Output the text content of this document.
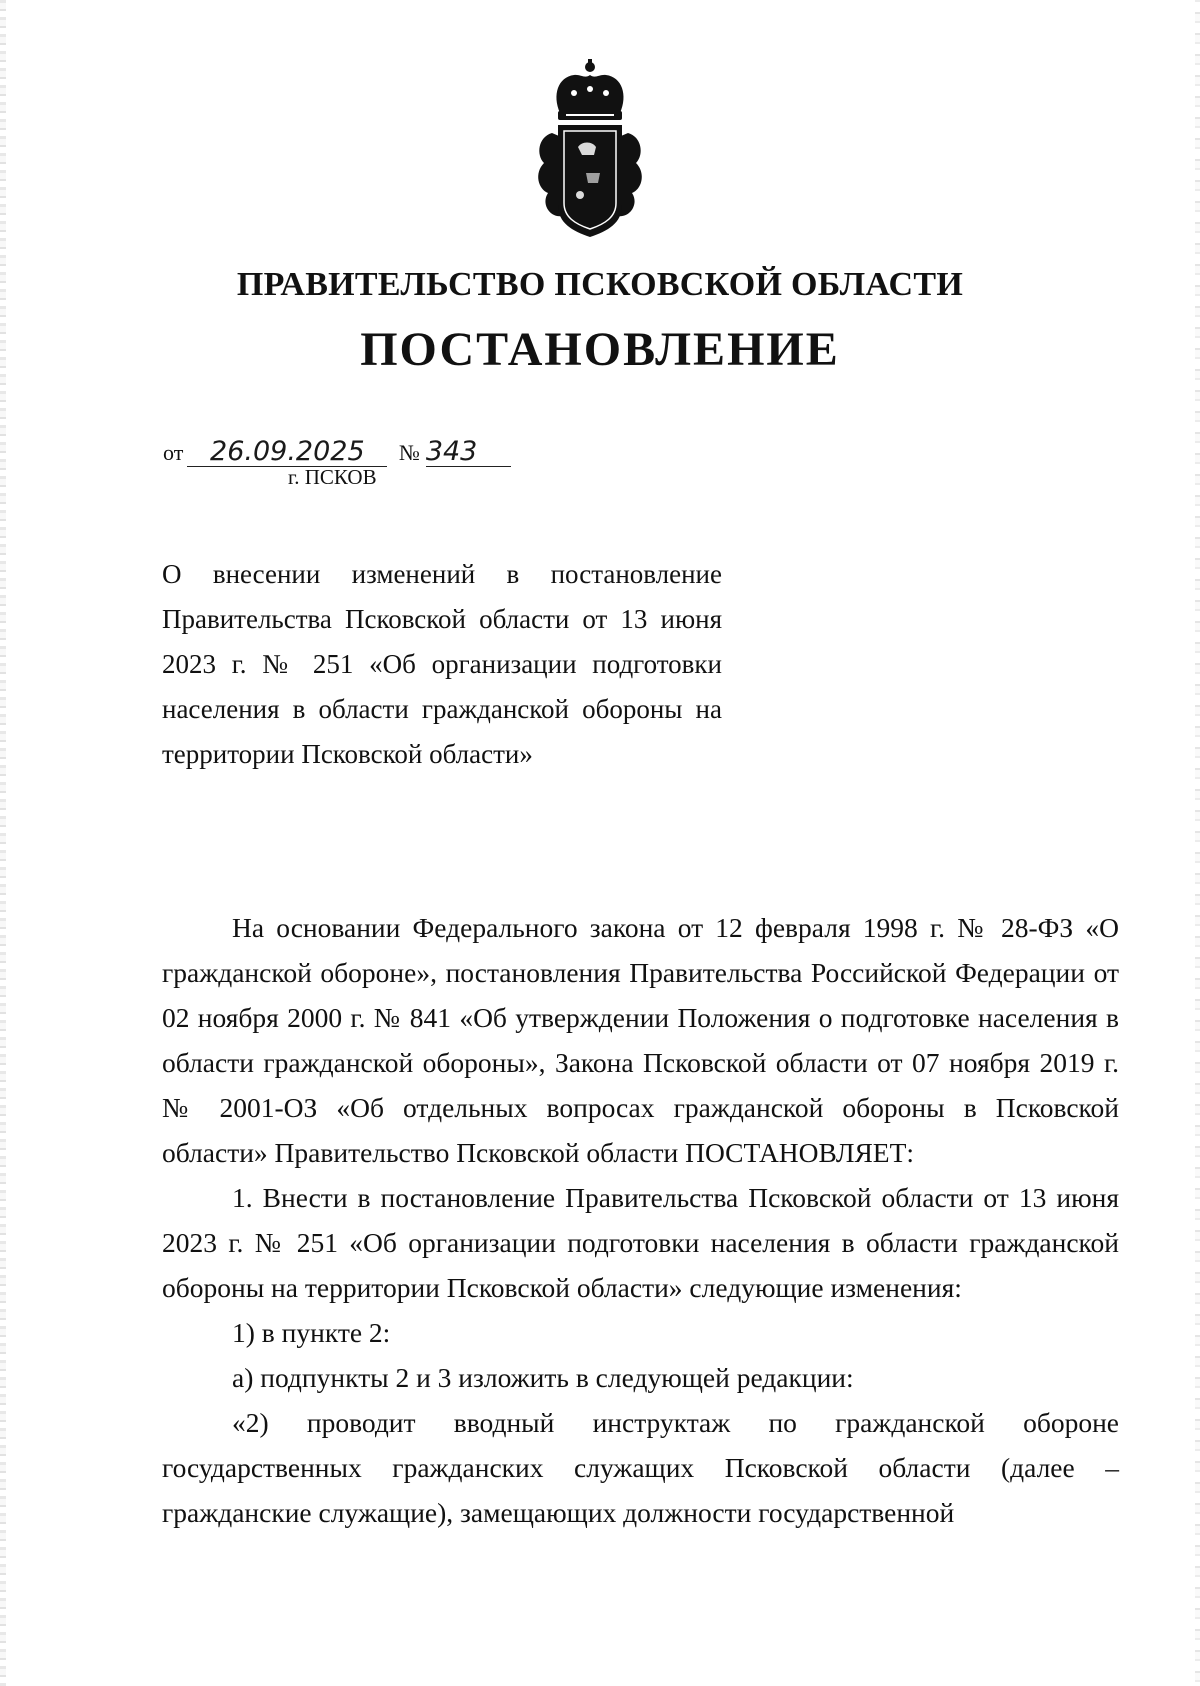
ПРАВИТЕЛЬСТВО ПСКОВСКОЙ ОБЛАСТИ
ПОСТАНОВЛЕНИЕ
от 26.09.2025 № 343
г. ПСКОВ
О внесении изменений в постановление Правительства Псковской области от 13 июня 2023 г. № 251 «Об организации подготовки населения в области гражданской обороны на территории Псковской области»

На основании Федерального закона от 12 февраля 1998 г. № 28-ФЗ «О гражданской обороне», постановления Правительства Российской Федерации от 02 ноября 2000 г. № 841 «Об утверждении Положения о подготовке населения в области гражданской обороны», Закона Псковской области от 07 ноября 2019 г. № 2001-ОЗ «Об отдельных вопросах гражданской обороны в Псковской области» Правительство Псковской области ПОСТАНОВЛЯЕТ:

1. Внести в постановление Правительства Псковской области от 13 июня 2023 г. № 251 «Об организации подготовки населения в области гражданской обороны на территории Псковской области» следующие изменения:

1) в пункте 2:

а) подпункты 2 и 3 изложить в следующей редакции:

«2) проводит вводный инструктаж по гражданской обороне государственных гражданских служащих Псковской области (далее – гражданские служащие), замещающих должности государственной
